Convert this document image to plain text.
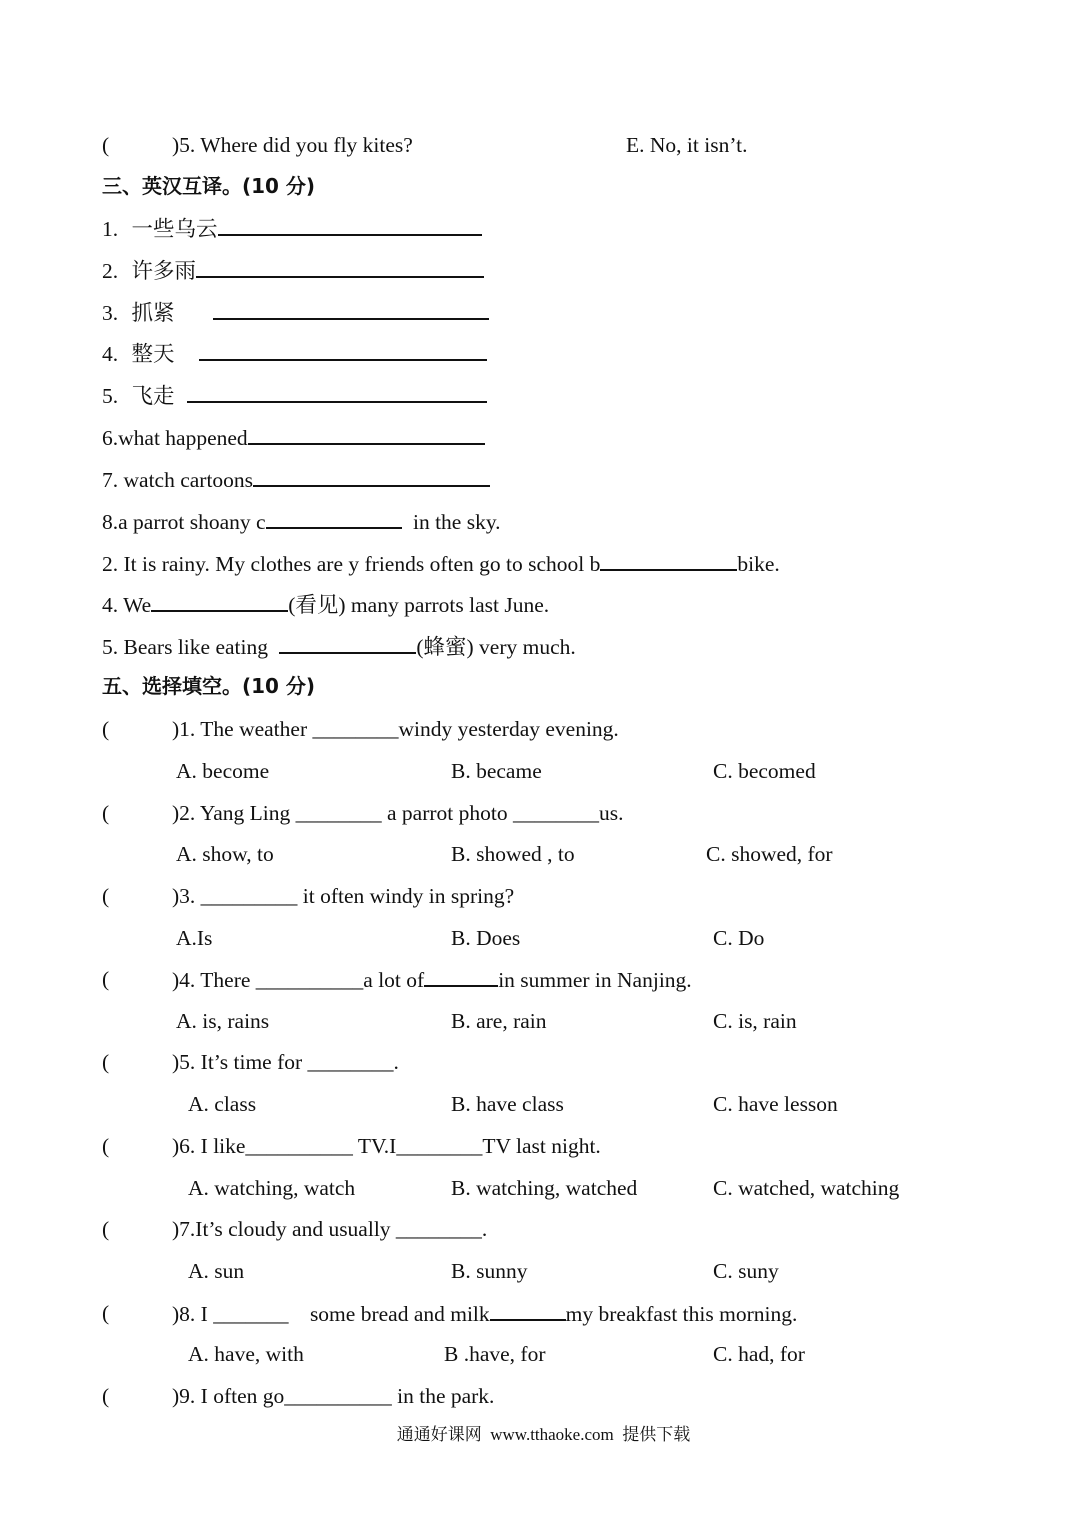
(	)5. Where did you fly kites?	E. No, it isn’t.
三、英汉互译。(10 分)
1. 一些乌云
2. 许多雨
3. 抓紧
4. 整天
5. 飞走
6.what happened
7. watch cartoons
8.a parrot shoany c	in the sky.
2. It is rainy. My clothes are y friends often go to school b	bike.
4. We	(看见) many parrots last June.
5. Bears like eating	(蜂蜜) very much.
五、选择填空。(10 分)
(	)1. The weather ________windy yesterday evening.
A. become	B. became	C. becomed
(	)2. Yang Ling ________ a parrot photo ________us.
A. show, to	B. showed , to	C. showed, for
(	)3. _________ it often windy in spring?
A.Is	B. Does	C. Do
(	)4. There __________a lot of	in summer in Nanjing.
A. is, rains	B. are, rain	C. is, rain
(	)5. It’s time for ________.
A. class	B. have class	C. have lesson
(	)6. I like__________ TV.I________TV last night.
A. watching, watch	B. watching, watched	C. watched, watching
(	)7.It’s cloudy and usually ________.
A. sun	B. sunny	C. suny
(	)8. I _______    some bread and milk	my breakfast this morning.
A. have, with	B .have, for	C. had, for
(	)9. I often go__________ in the park.
通通好课网  www.tthaoke.com  提供下载
